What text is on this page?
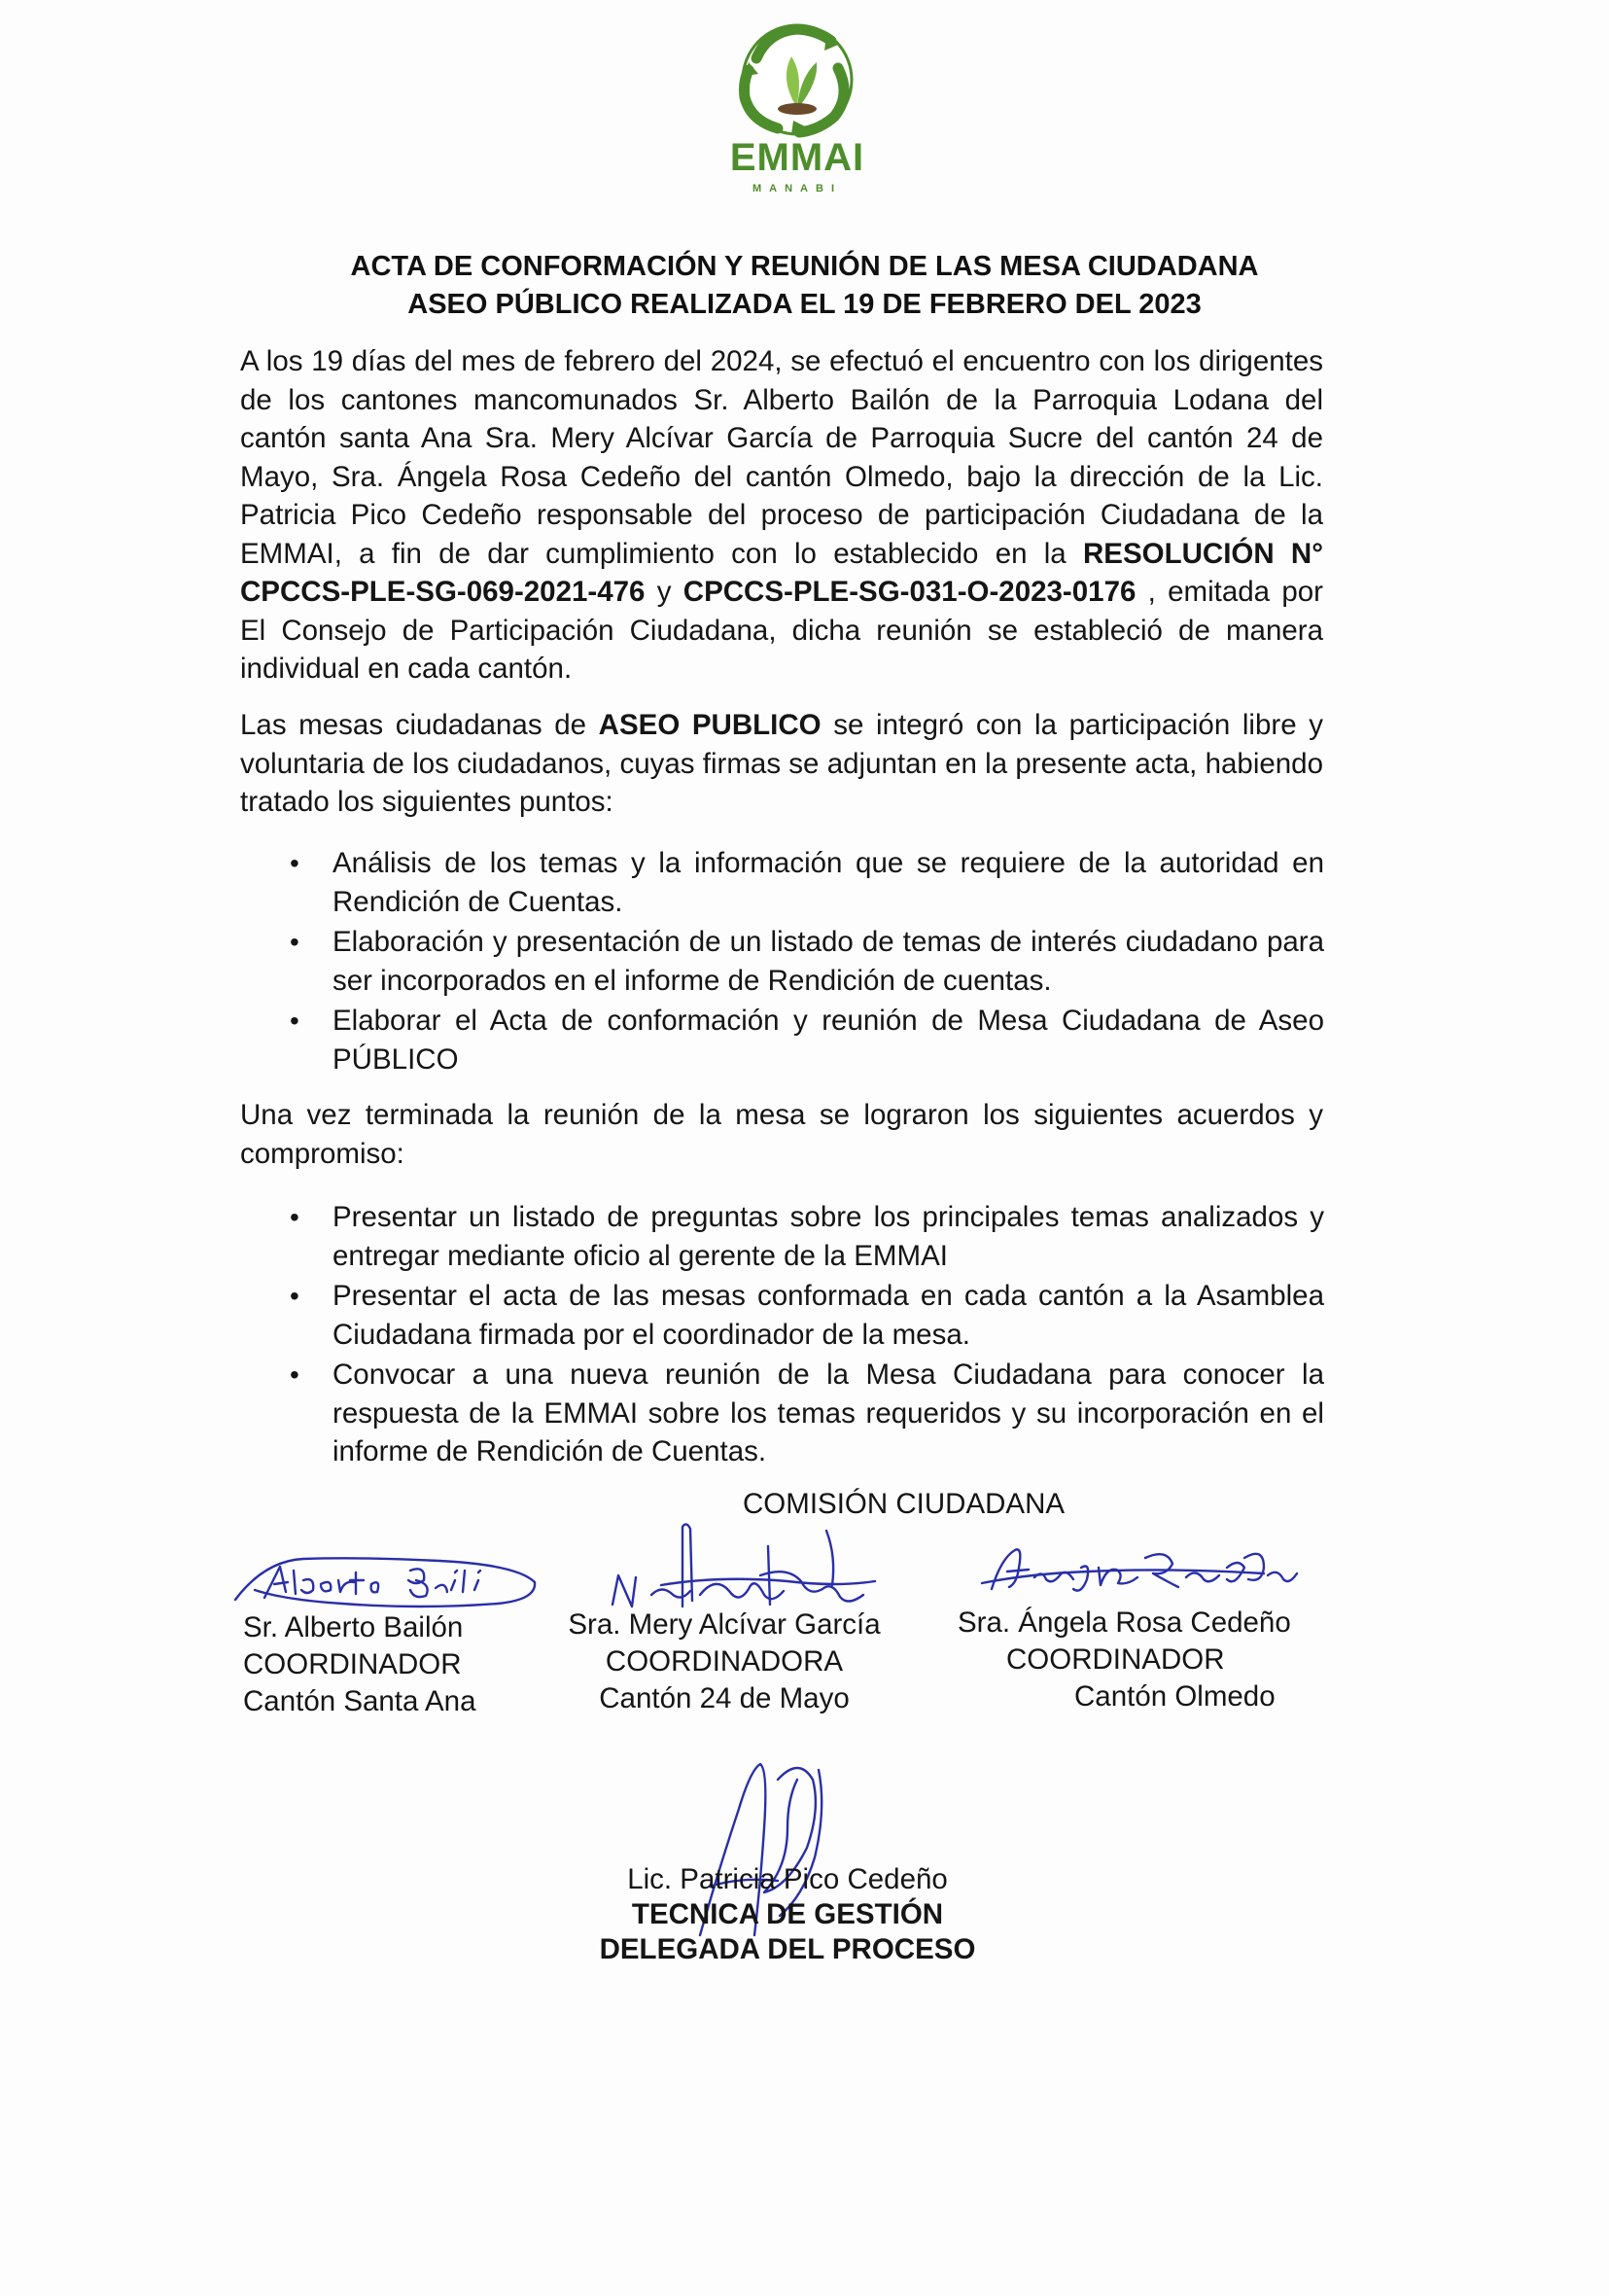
EMMAI
MANABI
ACTA DE CONFORMACIÓN Y REUNIÓN DE LAS MESA CIUDADANA
ASEO PÚBLICO REALIZADA EL 19 DE FEBRERO DEL 2023
A los 19 días del mes de febrero del 2024, se efectuó el encuentro con los dirigentes de los cantones mancomunados Sr. Alberto Bailón de la Parroquia Lodana del cantón santa Ana Sra. Mery Alcívar García de Parroquia Sucre del cantón 24 de Mayo, Sra. Ángela Rosa Cedeño del cantón Olmedo, bajo la dirección de la Lic. Patricia Pico Cedeño responsable del proceso de participación Ciudadana de la EMMAI, a fin de dar cumplimiento con lo establecido en la RESOLUCIÓN N° CPCCS-PLE-SG-069-2021-476 y CPCCS-PLE-SG-031-O-2023-0176 , emitada por El Consejo de Participación Ciudadana, dicha reunión se estableció de manera individual en cada cantón.
Las mesas ciudadanas de ASEO PUBLICO se integró con la participación libre y voluntaria de los ciudadanos, cuyas firmas se adjuntan en la presente acta, habiendo tratado los siguientes puntos:
• Análisis de los temas y la información que se requiere de la autoridad en Rendición de Cuentas.
• Elaboración y presentación de un listado de temas de interés ciudadano para ser incorporados en el informe de Rendición de cuentas.
• Elaborar el Acta de conformación y reunión de Mesa Ciudadana de Aseo PÚBLICO
Una vez terminada la reunión de la mesa se lograron los siguientes acuerdos y compromiso:
• Presentar un listado de preguntas sobre los principales temas analizados y entregar mediante oficio al gerente de la EMMAI
• Presentar el acta de las mesas conformada en cada cantón a la Asamblea Ciudadana firmada por el coordinador de la mesa.
• Convocar a una nueva reunión de la Mesa Ciudadana para conocer la respuesta de la EMMAI sobre los temas requeridos y su incorporación en el informe de Rendición de Cuentas.
COMISIÓN CIUDADANA
Sr. Alberto Bailón
COORDINADOR
Cantón Santa Ana
Sra. Mery Alcívar García
COORDINADORA
Cantón 24 de Mayo
Sra. Ángela Rosa Cedeño
COORDINADOR
Cantón Olmedo
Lic. Patricia Pico Cedeño
TECNICA DE GESTIÓN
DELEGADA DEL PROCESO
